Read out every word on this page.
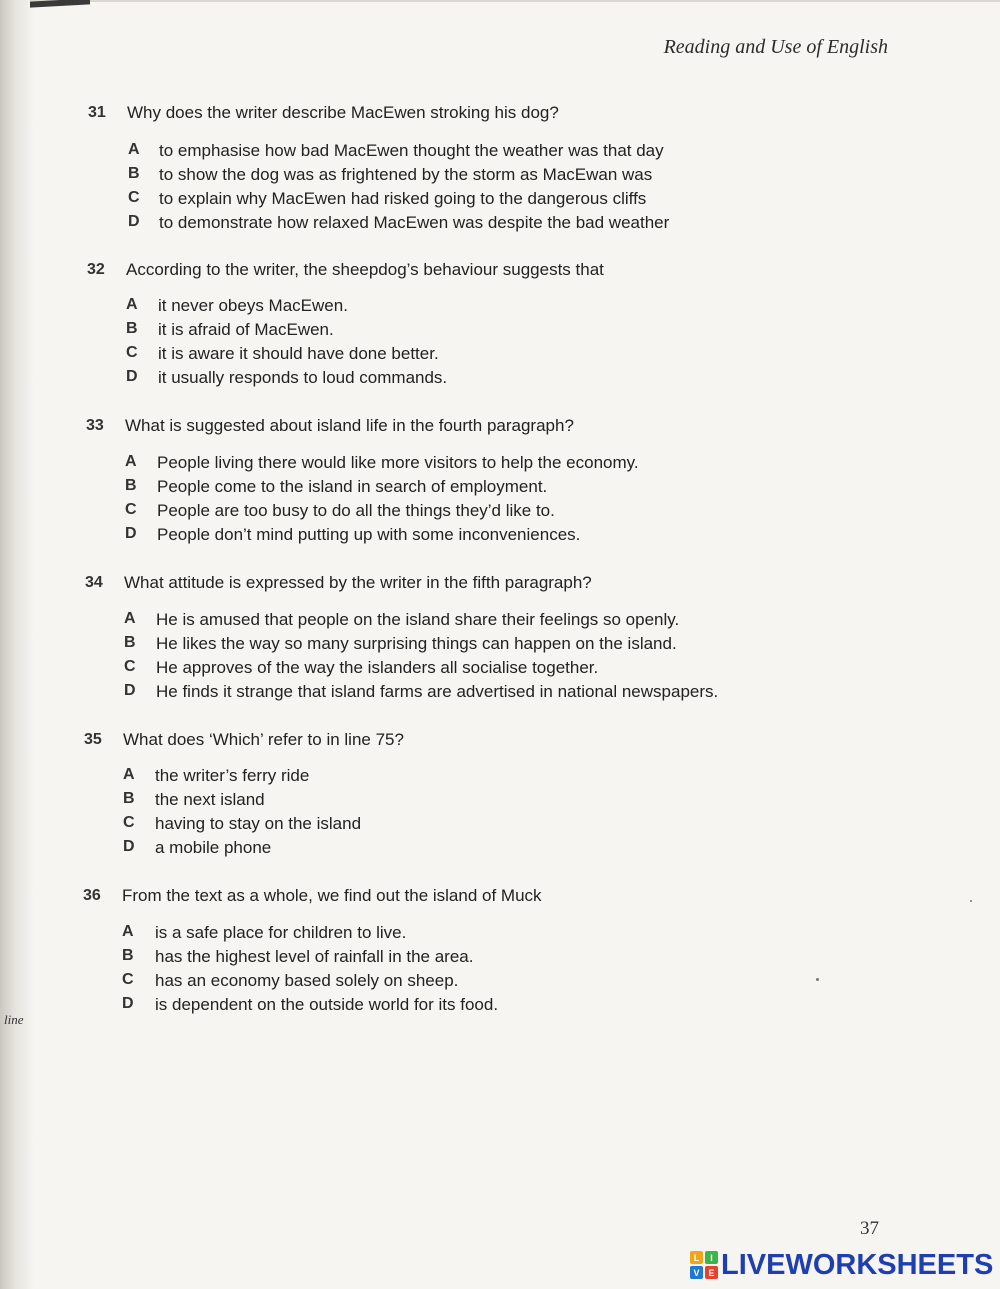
Reading and Use of English
31 Why does the writer describe MacEwen stroking his dog?
A to emphasise how bad MacEwen thought the weather was that day
B to show the dog was as frightened by the storm as MacEwan was
C to explain why MacEwen had risked going to the dangerous cliffs
D to demonstrate how relaxed MacEwen was despite the bad weather
32 According to the writer, the sheepdog’s behaviour suggests that
A it never obeys MacEwen.
B it is afraid of MacEwen.
C it is aware it should have done better.
D it usually responds to loud commands.
33 What is suggested about island life in the fourth paragraph?
A People living there would like more visitors to help the economy.
B People come to the island in search of employment.
C People are too busy to do all the things they’d like to.
D People don’t mind putting up with some inconveniences.
34 What attitude is expressed by the writer in the fifth paragraph?
A He is amused that people on the island share their feelings so openly.
B He likes the way so many surprising things can happen on the island.
C He approves of the way the islanders all socialise together.
D He finds it strange that island farms are advertised in national newspapers.
35 What does ‘Which’ refer to in line 75?
A the writer’s ferry ride
B the next island
C having to stay on the island
D a mobile phone
36 From the text as a whole, we find out the island of Muck
A is a safe place for children to live.
B has the highest level of rainfall in the area.
C has an economy based solely on sheep.
D is dependent on the outside world for its food.
line
37
L	I
V E LIVEWORKSHEETS
